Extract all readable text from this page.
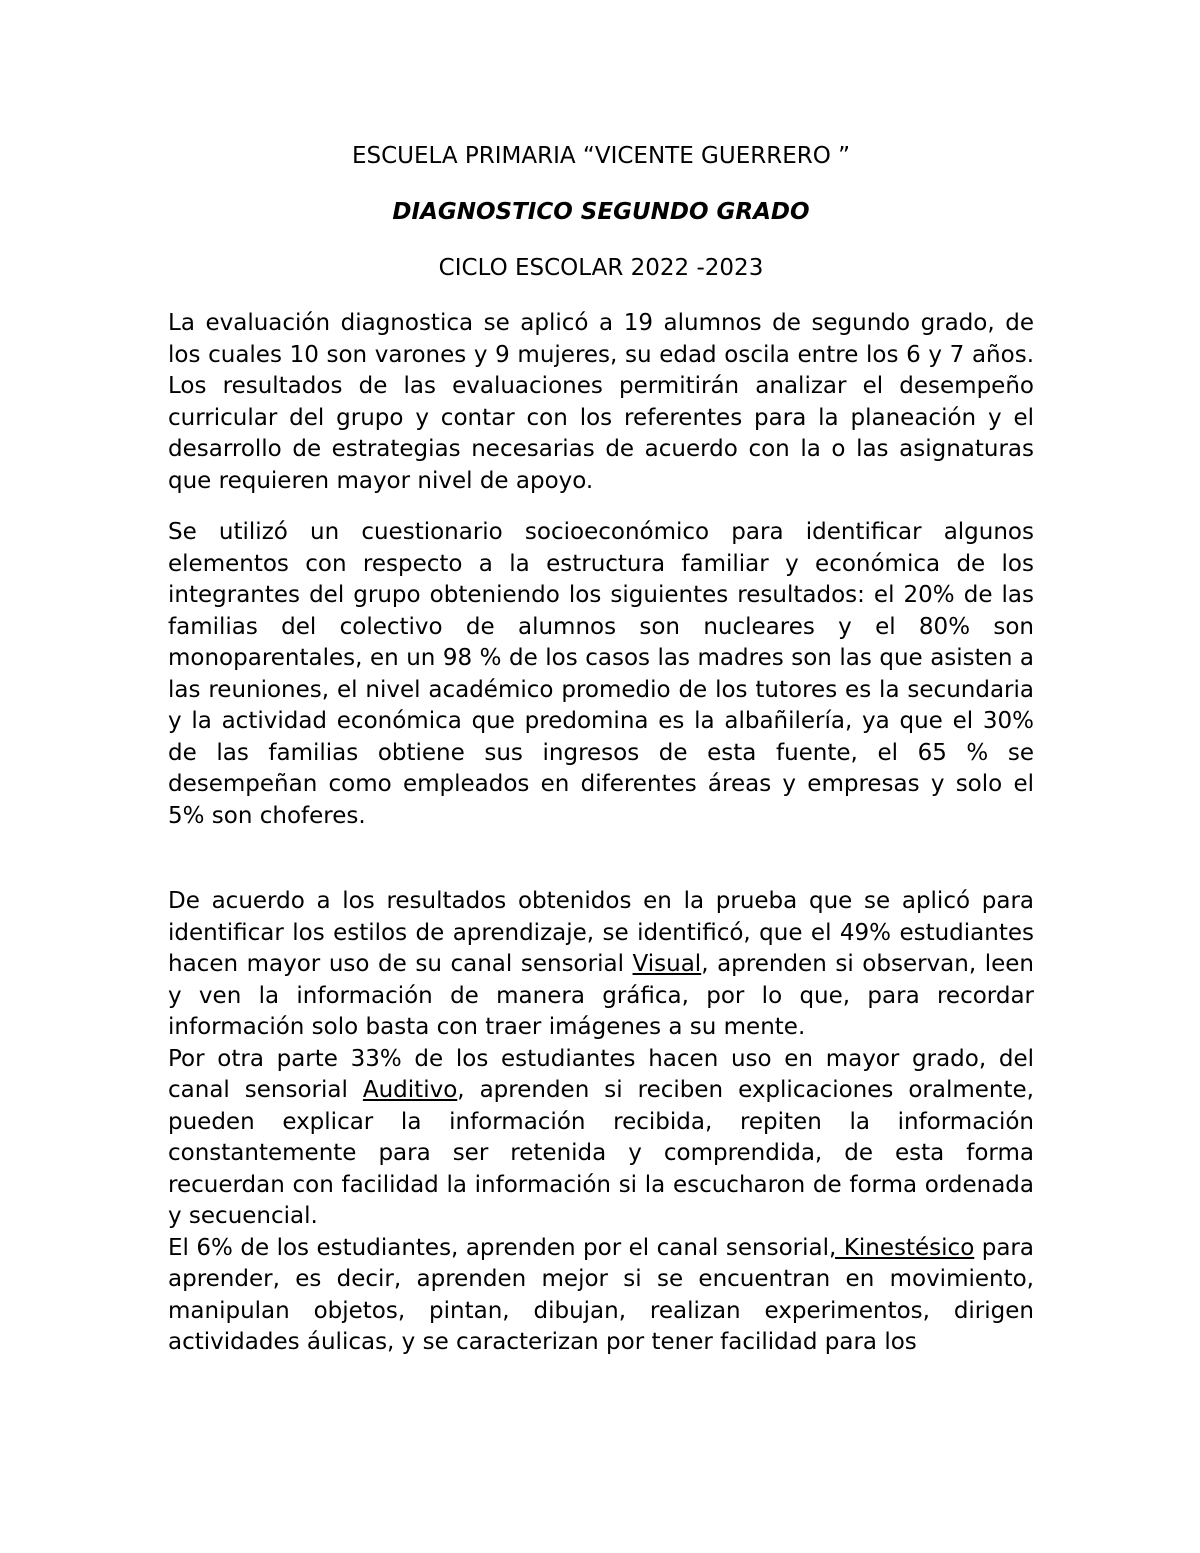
ESCUELA PRIMARIA “VICENTE GUERRERO ”
DIAGNOSTICO SEGUNDO GRADO
CICLO ESCOLAR 2022 -2023

La evaluación diagnostica se aplicó a 19 alumnos de segundo grado, de los cuales 10 son varones y 9 mujeres, su edad oscila entre los 6 y 7 años. Los resultados de las evaluaciones permitirán analizar el desempeño curricular del grupo y contar con los referentes para la planeación y el desarrollo de estrategias necesarias de acuerdo con la o las asignaturas que requieren mayor nivel de apoyo.

Se utilizó un cuestionario socioeconómico para identificar algunos elementos con respecto a la estructura familiar y económica de los integrantes del grupo obteniendo los siguientes resultados: el 20% de las familias del colectivo de alumnos son nucleares y el 80% son monoparentales, en un 98 % de los casos las madres son las que asisten a las reuniones, el nivel académico promedio de los tutores es la secundaria y la actividad económica que predomina es la albañilería, ya que el 30% de las familias obtiene sus ingresos de esta fuente, el 65 % se desempeñan como empleados en diferentes áreas y empresas y solo el 5% son choferes.

De acuerdo a los resultados obtenidos en la prueba que se aplicó para identificar los estilos de aprendizaje, se identificó, que el 49% estudiantes hacen mayor uso de su canal sensorial Visual, aprenden si observan, leen y ven la información de manera gráfica, por lo que, para recordar información solo basta con traer imágenes a su mente.

Por otra parte 33% de los estudiantes hacen uso en mayor grado, del canal sensorial Auditivo, aprenden si reciben explicaciones oralmente, pueden explicar la información recibida, repiten la información constantemente para ser retenida y comprendida, de esta forma recuerdan con facilidad la información si la escucharon de forma ordenada y secuencial.

El 6% de los estudiantes, aprenden por el canal sensorial, Kinestésico para aprender, es decir, aprenden mejor si se encuentran en movimiento, manipulan objetos, pintan, dibujan, realizan experimentos, dirigen actividades áulicas, y se caracterizan por tener facilidad para los
